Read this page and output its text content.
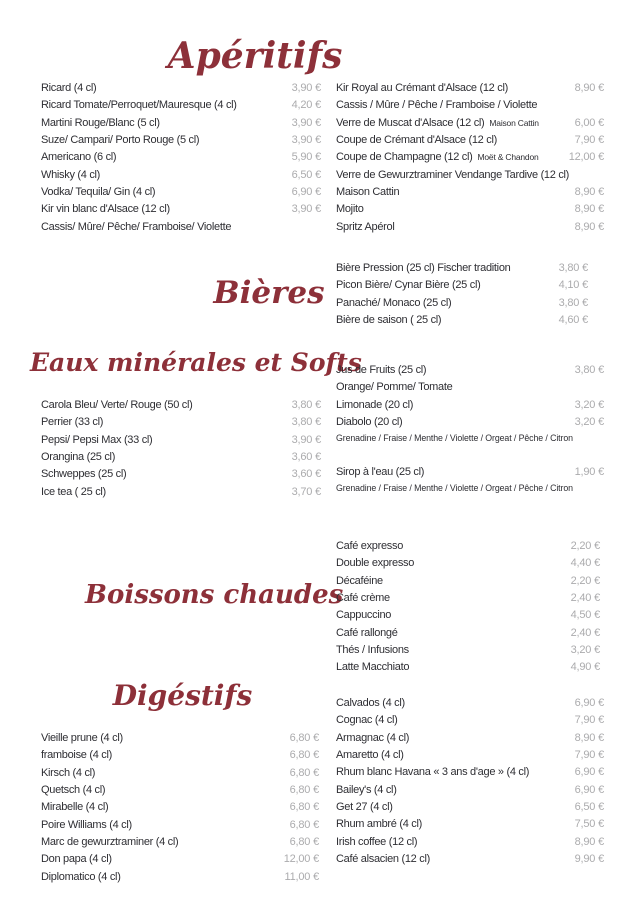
Apéritifs
Ricard (4 cl)	3,90 €
Ricard Tomate/Perroquet/Mauresque (4 cl)	4,20 €
Martini Rouge/Blanc (5 cl)	3,90 €
Suze/ Campari/ Porto Rouge (5 cl)	3,90 €
Americano (6 cl)	5,90 €
Whisky (4 cl)	6,50 €
Vodka/ Tequila/ Gin (4 cl)	6,90 €
Kir vin blanc d'Alsace (12 cl)	3,90 €
Cassis/ Mûre/ Pêche/ Framboise/ Violette
Kir Royal au Crémant d'Alsace (12 cl)	8,90 €
Cassis / Mûre / Pêche / Framboise / Violette
Verre de Muscat d'Alsace (12 cl) Maison Cattin	6,00 €
Coupe de Crémant d'Alsace (12 cl)	7,90 €
Coupe de Champagne (12 cl) Moët & Chandon	12,00 €
Verre de Gewurztraminer Vendange Tardive (12 cl)
Maison Cattin	8,90 €
Mojito	8,90 €
Spritz Apérol	8,90 €
Bières
Bière Pression (25 cl) Fischer tradition	3,80 €
Picon Bière/ Cynar Bière (25 cl)	4,10 €
Panaché/ Monaco (25 cl)	3,80 €
Bière de saison ( 25 cl)	4,60 €
Eaux minérales et Softs
Carola Bleu/ Verte/ Rouge (50 cl)	3,80 €
Perrier (33 cl)	3,80 €
Pepsi/ Pepsi Max (33 cl)	3,90 €
Orangina (25 cl)	3,60 €
Schweppes (25 cl)	3,60 €
Ice tea ( 25 cl)	3,70 €
Jus de Fruits (25 cl)	3,80 €
Orange/ Pomme/ Tomate
Limonade (20 cl)	3,20 €
Diabolo (20 cl)	3,20 €
Grenadine / Fraise / Menthe / Violette / Orgeat / Pêche / Citron
Sirop à l'eau (25 cl)	1,90 €
Grenadine / Fraise / Menthe / Violette / Orgeat / Pêche / Citron
Boissons chaudes
Café expresso	2,20 €
Double expresso	4,40 €
Décaféine	2,20 €
Café crème	2,40 €
Cappuccino	4,50 €
Café rallongé	2,40 €
Thés / Infusions	3,20 €
Latte Macchiato	4,90 €
Digéstifs
Vieille prune (4 cl)	6,80 €
framboise (4 cl)	6,80 €
Kirsch (4 cl)	6,80 €
Quetsch (4 cl)	6,80 €
Mirabelle (4 cl)	6,80 €
Poire Williams (4 cl)	6,80 €
Marc de gewurztraminer (4 cl)	6,80 €
Don papa (4 cl)	12,00 €
Diplomatico (4 cl)	11,00 €
Calvados (4 cl)	6,90 €
Cognac (4 cl)	7,90 €
Armagnac (4 cl)	8,90 €
Amaretto (4 cl)	7,90 €
Rhum blanc Havana « 3 ans d'age » (4 cl)	6,90 €
Bailey's (4 cl)	6,90 €
Get 27 (4 cl)	6,50 €
Rhum ambré (4 cl)	7,50 €
Irish coffee (12 cl)	8,90 €
Café alsacien (12 cl)	9,90 €
